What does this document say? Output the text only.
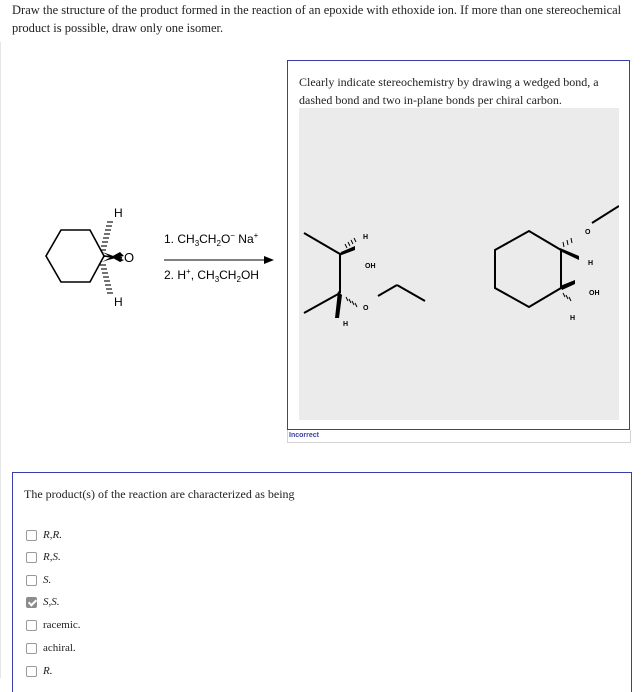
Draw the structure of the product formed in the reaction of an epoxide with ethoxide ion. If more than one stereochemical product is possible, draw only one isomer.
H
H
O
1. $CH_3CH_2O^-$ Na+
2. H+, $CH_3CH_2OH$
Clearly indicate stereochemistry by drawing a wedged bond, a dashed bond and two in-plane bonds per chiral carbon.
H
OH
H
O
O
H
OH
H
Incorrect
The product(s) of the reaction are characterized as being
R,R.
R,S.
S.
S,S.
racemic.
achiral.
R.
